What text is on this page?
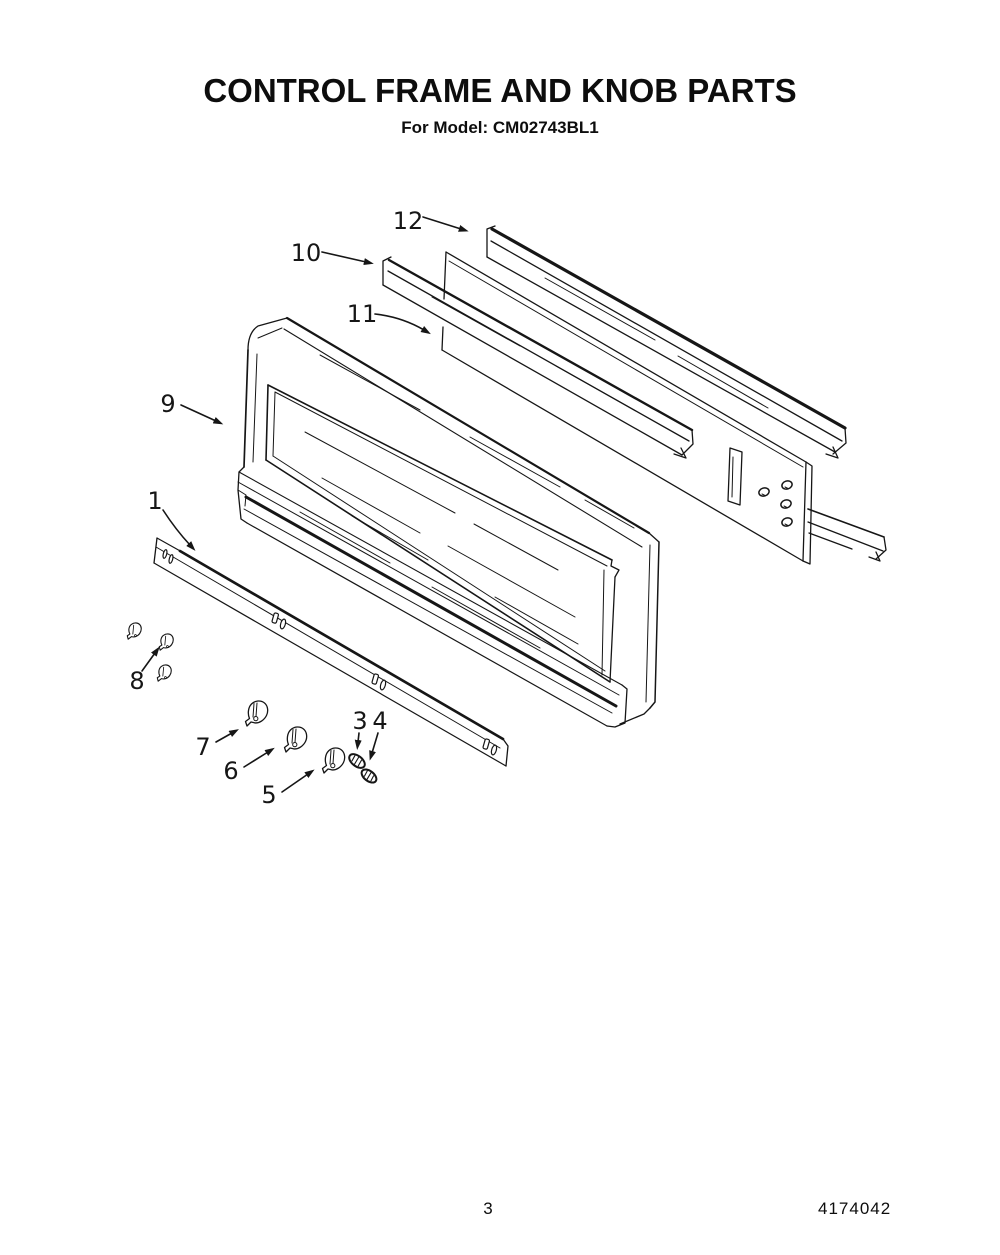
CONTROL FRAME AND KNOB PARTS
For Model: CM02743BL1
12
10
11
9
1
8
7
6
5
3 4
3	4174042
